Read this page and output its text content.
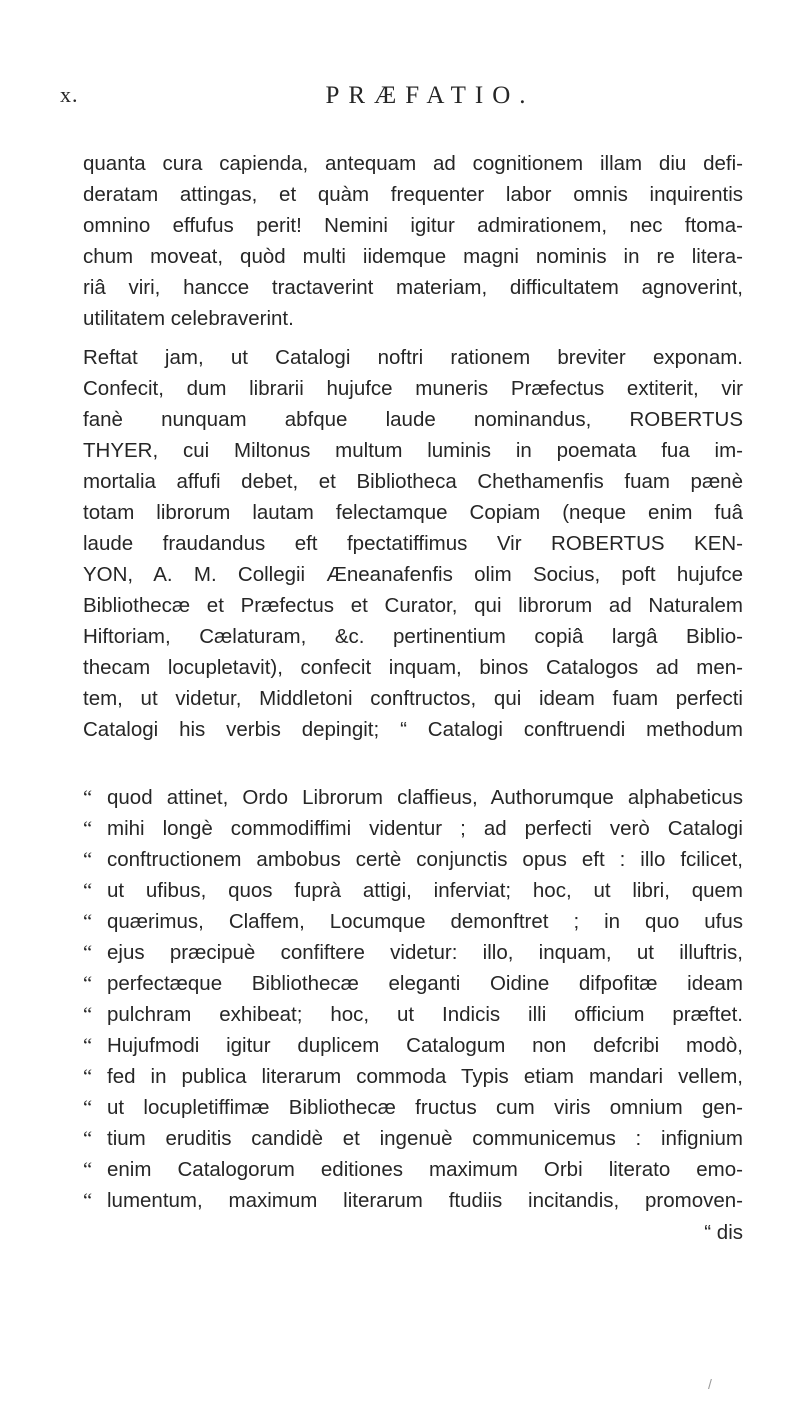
x.	PRÆFATIO.
quanta cura capienda, antequam ad cognitionem illam diu defi-
deratam attingas, et quàm frequenter labor omnis inquirentis
omnino effufus perit! Nemini igitur admirationem, nec ftoma-
chum moveat, quòd multi iidemque magni nominis in re litera-
riâ viri, hancce tractaverint materiam, difficultatem agnoverint,
utilitatem celebraverint.
Reftat jam, ut Catalogi noftri rationem breviter exponam.
Confecit, dum librarii hujufce muneris Præfectus extiterit, vir
fanè nunquam abfque laude nominandus, ROBERTUS
THYER, cui Miltonus multum luminis in poemata fua im-
mortalia affufi debet, et Bibliotheca Chethamenfis fuam pænè
totam librorum lautam felectamque Copiam (neque enim fuâ
laude fraudandus eft fpectatiffimus Vir ROBERTUS KEN-
YON, A. M. Collegii Æneanafenfis olim Socius, poft hujufce
Bibliothecæ et Præfectus et Curator, qui librorum ad Naturalem
Hiftoriam, Cælaturam, &c. pertinentium copiâ largâ Biblio-
thecam locupletavit), confecit inquam, binos Catalogos ad men-
tem, ut videtur, Middletoni conftructos, qui ideam fuam perfecti
Catalogi his verbis depingit; “ Catalogi conftruendi methodum
“ quod attinet, Ordo Librorum claffieus, Authorumque alphabeticus
“ mihi longè commodiffimi videntur ; ad perfecti verò Catalogi
“ conftructionem ambobus certè conjunctis opus eft : illo fcilicet,
“ ut ufibus, quos fuprà attigi, inferviat; hoc, ut libri, quem
“ quærimus, Claffem, Locumque demonftret ; in quo ufus
“ ejus præcipuè confiftere videtur: illo, inquam, ut illuftris,
“ perfectæque Bibliothecæ eleganti Oidine difpofitæ ideam
“ pulchram exhibeat; hoc, ut Indicis illi officium præftet.
“ Hujufmodi igitur duplicem Catalogum non defcribi modò,
“ fed in publica literarum commoda Typis etiam mandari vellem,
“ ut locupletiffimæ Bibliothecæ fructus cum viris omnium gen-
“ tium eruditis candidè et ingenuè communicemus : infignium
“ enim Catalogorum editiones maximum Orbi literato emo-
“ lumentum, maximum literarum ftudiis incitandis, promoven-
“ dis
/
